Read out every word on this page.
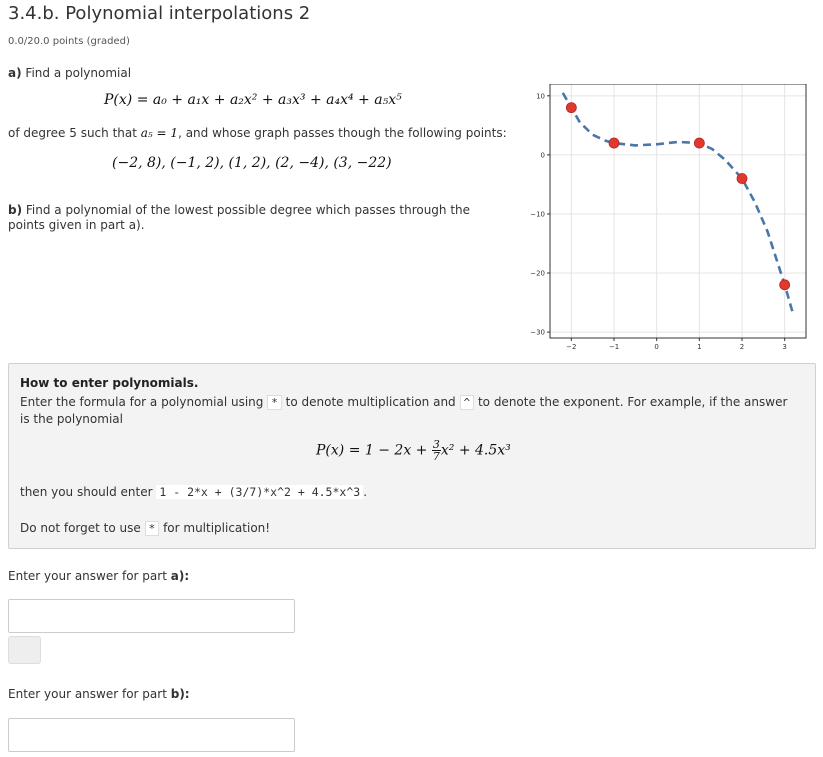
3.4.b. Polynomial interpolations 2
0.0/20.0 points (graded)
a) Find a polynomial
P(x) = a₀ + a₁x + a₂x² + a₃x³ + a₄x⁴ + a₅x⁵
of degree 5 such that a₅ = 1, and whose graph passes though the following points:
(−2, 8), (−1, 2), (1, 2), (2, −4), (3, −22)
b) Find a polynomial of the lowest possible degree which passes through the points given in part a).
−2	−1	0	1	2	3
10
0
−10
−20
−30
How to enter polynomials.
Enter the formula for a polynomial using * to denote multiplication and ^ to denote the exponent. For example, if the answer is the polynomial
$P(x) = 1 - 2x + \frac{3}{7} x^2 + 4.5x^3$
then you should enter 1 - 2*x + (3/7)*x^2 + 4.5*x^3 .
Do not forget to use * for multiplication!
Enter your answer for part a):
Enter your answer for part b):
